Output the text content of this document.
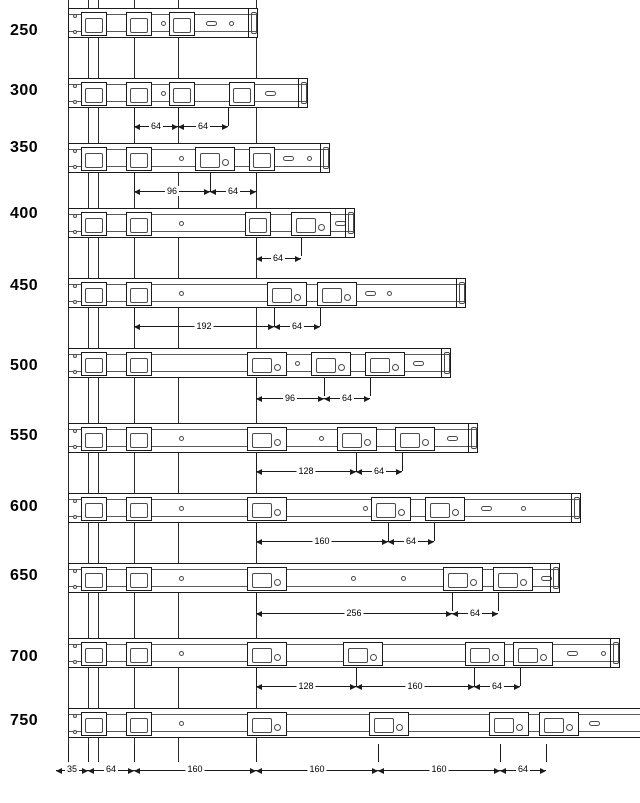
250
300
350
400
450
500
550
600
650
700
750
64	64
96	64
64
192	64
96	64
128	64
160	64
256	64
128	160	64
35	64	160	160	160	64
